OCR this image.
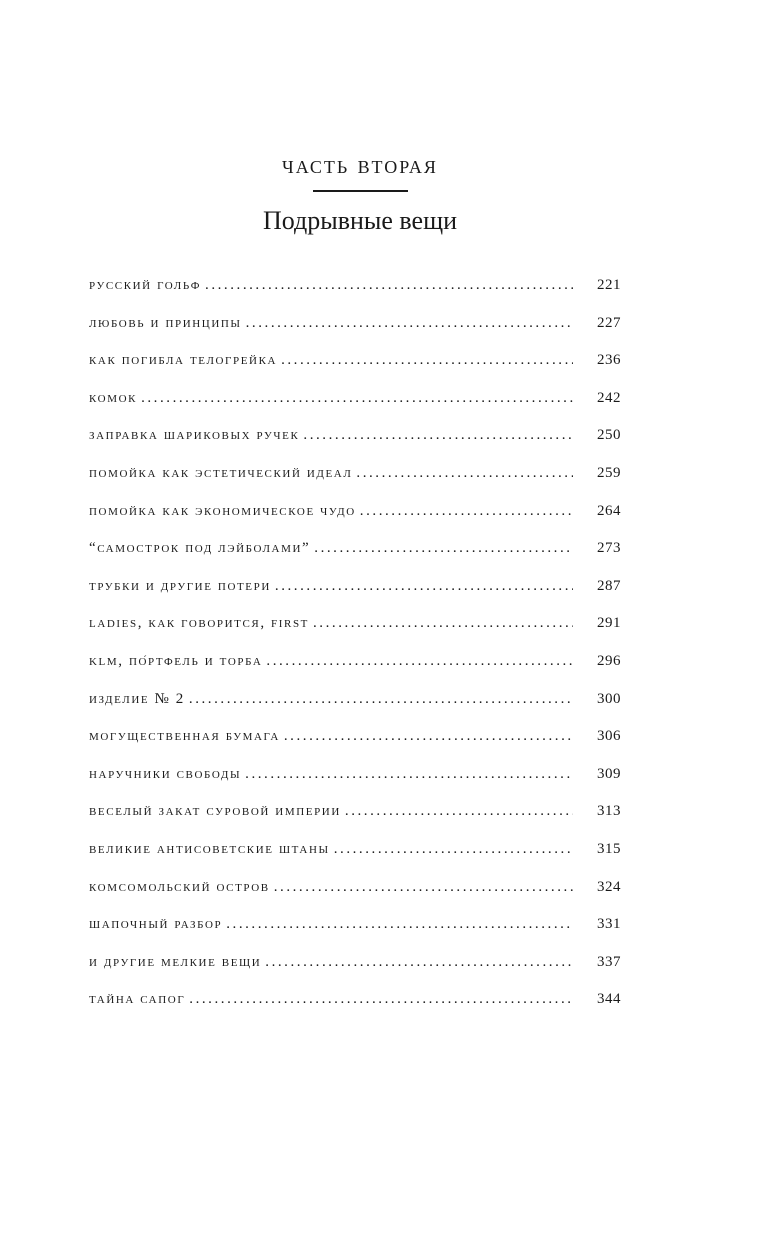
часть вторая
Подрывные вещи
русский гольф . . .	221
любовь и принципы . . .	227
как погибла телогрейка . . .	236
комок . . .	242
заправка шариковых ручек . . .	250
помойка как эстетический идеал . . .	259
помойка как экономическое чудо . . .	264
“самострок под лэйболами” . . .	273
трубки и другие потери . . .	287
ladies, как говорится, first . . .	291
klm, по́ртфель и торба . . .	296
изделие № 2 . . .	300
могущественная бумага . . .	306
наручники свободы . . .	309
веселый закат суровой империи . . .	313
великие антисоветские штаны . . .	315
комсомольский остров . . .	324
шапочный разбор . . .	331
и другие мелкие вещи . . .	337
тайна сапог . . .	344
